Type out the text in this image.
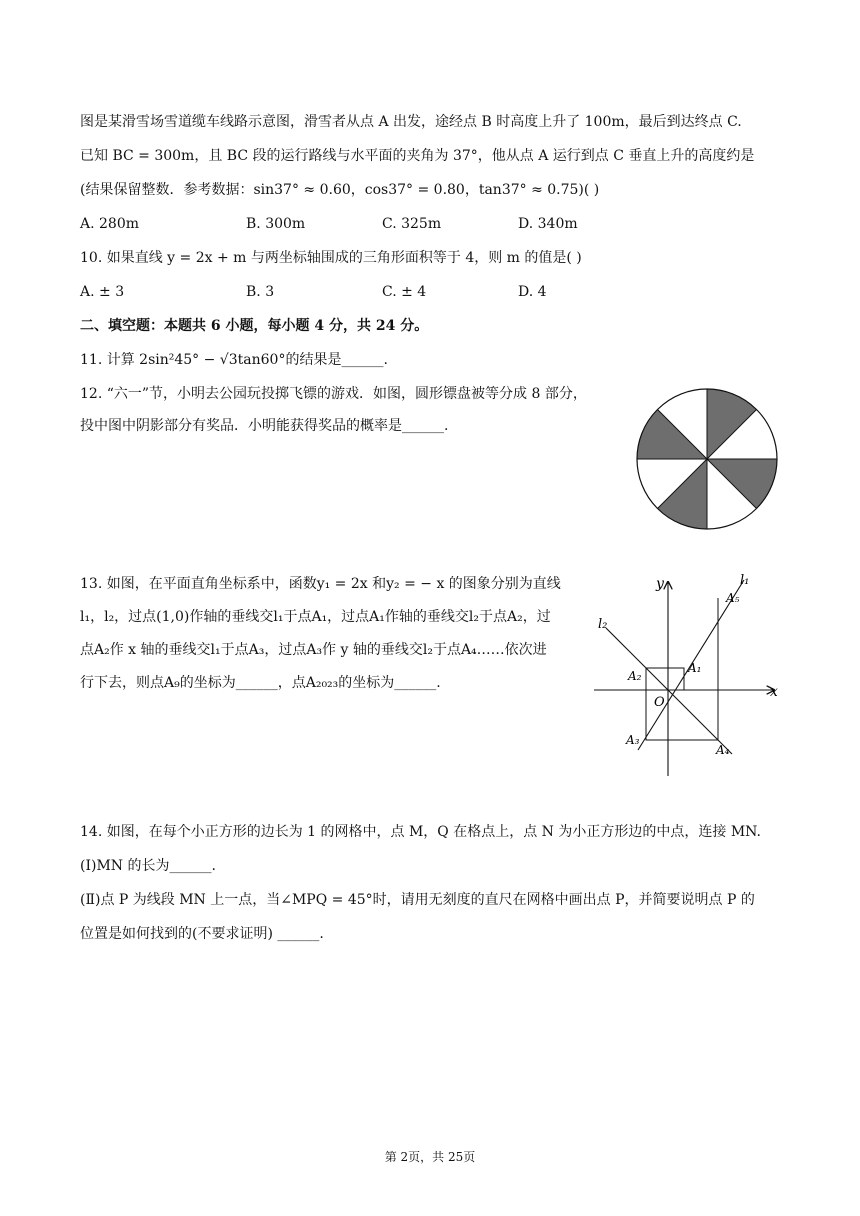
图是某滑雪场雪道缆车线路示意图，滑雪者从点 A 出发，途经点 B 时高度上升了 100m，最后到达终点 C.
已知 BC = 300m，且 BC 段的运行路线与水平面的夹角为 37°，他从点 A 运行到点 C 垂直上升的高度约是
(结果保留整数．参考数据：sin37° ≈ 0.60，cos37° = 0.80，tan37° ≈ 0.75)( )
A. 280m	B. 300m	C. 325m	D. 340m
10. 如果直线 y = 2x + m 与两坐标轴围成的三角形面积等于 4，则 m 的值是( )
A. ± 3	B. 3	C. ± 4	D. 4
二、填空题：本题共 6 小题，每小题 4 分，共 24 分。
11. 计算 2sin²45° − √3tan60°的结果是______.
12. “六一”节，小明去公园玩投掷飞镖的游戏．如图，圆形镖盘被等分成 8 部分，
投中图中阴影部分有奖品．小明能获得奖品的概率是______.
13. 如图，在平面直角坐标系中，函数y₁ = 2x 和y₂ = − x 的图象分别为直线
l₁，l₂，过点(1,0)作轴的垂线交l₁于点A₁，过点A₁作轴的垂线交l₂于点A₂，过
点A₂作 x 轴的垂线交l₁于点A₃，过点A₃作 y 轴的垂线交l₂于点A₄……依次进
行下去，则点A₉的坐标为______，点A₂₀₂₃的坐标为______.
y
x
O
l₁
l₂
A₁
A₂
A₃
A₄
A₅
14. 如图，在每个小正方形的边长为 1 的网格中，点 M，Q 在格点上，点 N 为小正方形边的中点，连接 MN.
(Ⅰ)MN 的长为______.
(Ⅱ)点 P 为线段 MN 上一点，当∠MPQ = 45°时，请用无刻度的直尺在网格中画出点 P，并简要说明点 P 的
位置是如何找到的(不要求证明) ______.
第 2页，共 25页
